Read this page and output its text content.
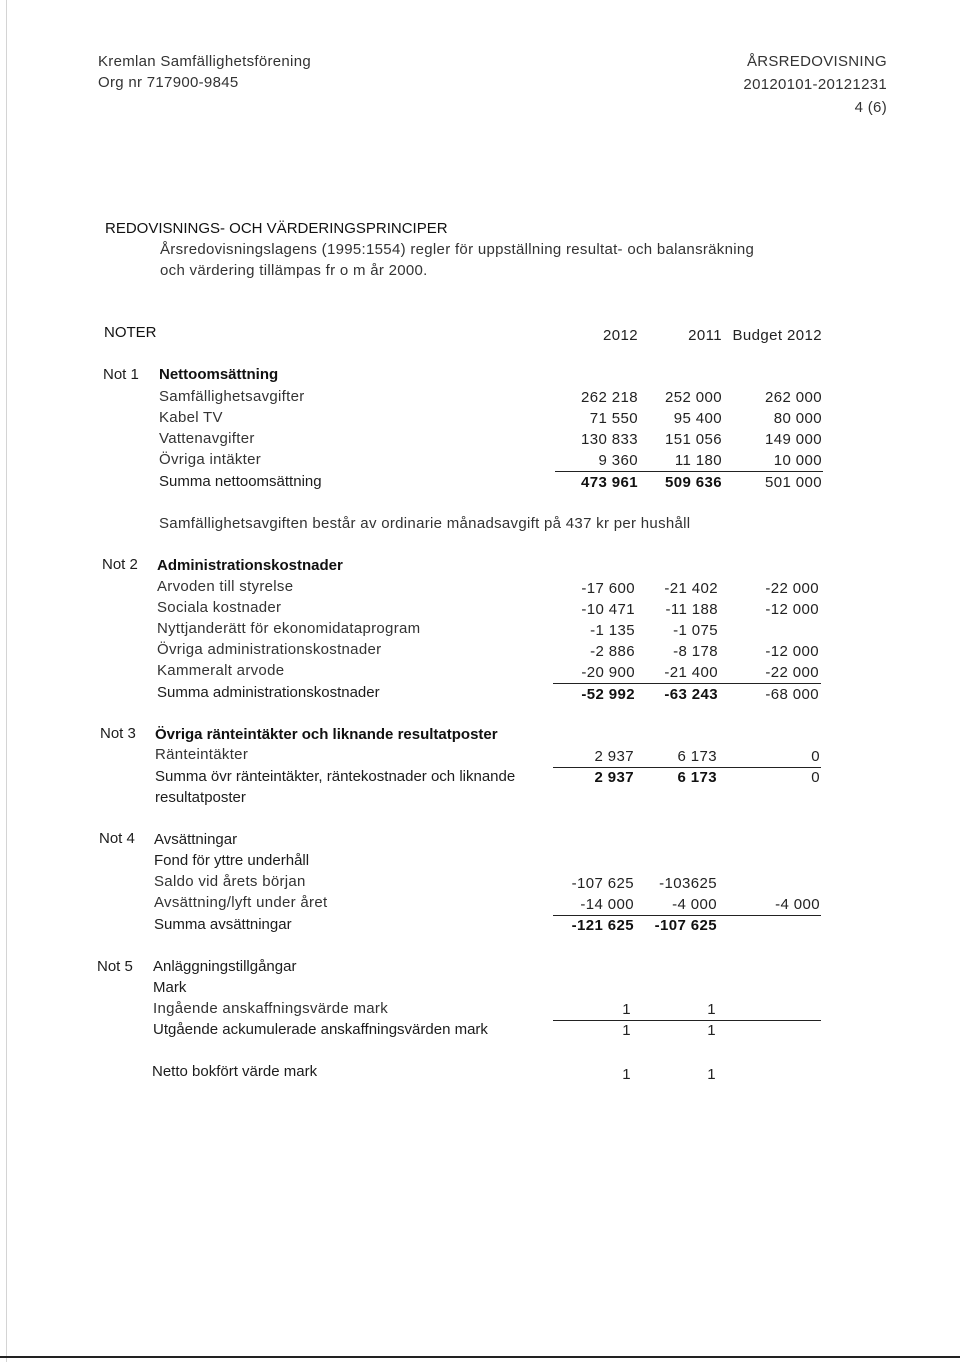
Kremlan Samfällighetsförening
Org nr 717900-9845
ÅRSREDOVISNING
20120101-20121231
4 (6)
REDOVISNINGS- OCH VÄRDERINGSPRINCIPER
Årsredovisningslagens (1995:1554) regler för uppställning resultat- och balansräkning
och värdering tillämpas fr o m år 2000.
NOTER	2012	2011 Budget 2012
Not 1 Nettoomsättning
Samfällighetsavgifter	262 218	252 000	262 000
Kabel TV	71 550	95 400	80 000
Vattenavgifter	130 833	151 056	149 000
Övriga intäkter	9 360	11 180	10 000
Summa nettoomsättning	473 961	509 636	501 000
Samfällighetsavgiften består av ordinarie månadsavgift på 437 kr per hushåll
Not 2 Administrationskostnader
Arvoden till styrelse	-17 600	-21 402	-22 000
Sociala kostnader	-10 471	-11 188	-12 000
Nyttjanderätt för ekonomidataprogram	-1 135	-1 075
Övriga administrationskostnader	-2 886	-8 178	-12 000
Kammeralt arvode	-20 900	-21 400	-22 000
Summa administrationskostnader	-52 992	-63 243	-68 000
Not 3 Övriga ränteintäkter och liknande resultatposter
Ränteintäkter	2 937	6 173	0
Summa övr ränteintäkter, räntekostnader och liknande
resultatposter
2 937	6 173	0
Not 4 Avsättningar
Fond för yttre underhåll
Saldo vid årets början	-107 625	-103625
Avsättning/lyft under året	-14 000	-4 000	-4 000
Summa avsättningar	-121 625	-107 625
Not 5 Anläggningstillgångar
Mark
Ingående anskaffningsvärde mark	1	1
Utgående ackumulerade anskaffningsvärden mark	1	1
Netto bokfört värde mark	1	1
